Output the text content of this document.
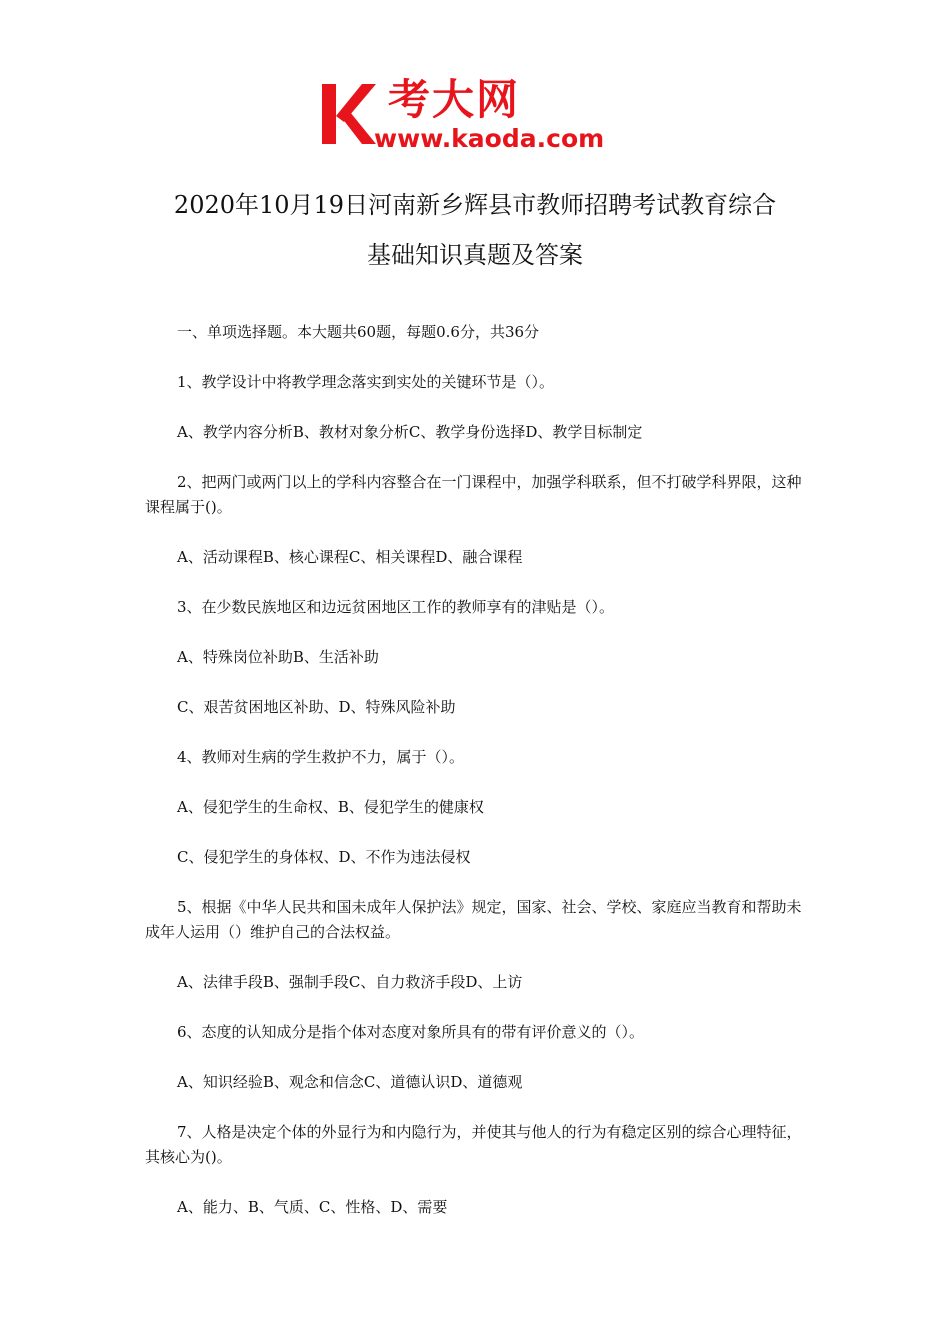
考大网
www.kaoda.com
2020年10月19日河南新乡辉县市教师招聘考试教育综合
基础知识真题及答案

一、单项选择题。本大题共60题，每题0.6分，共36分

1、教学设计中将教学理念落实到实处的关键环节是（）。

A、教学内容分析B、教材对象分析C、教学身份选择D、教学目标制定

2、把两门或两门以上的学科内容整合在一门课程中，加强学科联系，但不打破学科界限，这种课程属于()。

A、活动课程B、核心课程C、相关课程D、融合课程

3、在少数民族地区和边远贫困地区工作的教师享有的津贴是（）。

A、特殊岗位补助B、生活补助

C、艰苦贫困地区补助、D、特殊风险补助

4、教师对生病的学生救护不力，属于（）。

A、侵犯学生的生命权、B、侵犯学生的健康权

C、侵犯学生的身体权、D、不作为违法侵权

5、根据《中华人民共和国未成年人保护法》规定，国家、社会、学校、家庭应当教育和帮助未成年人运用（）维护自己的合法权益。

A、法律手段B、强制手段C、自力救济手段D、上访

6、态度的认知成分是指个体对态度对象所具有的带有评价意义的（）。

A、知识经验B、观念和信念C、道德认识D、道德观

7、人格是决定个体的外显行为和内隐行为，并使其与他人的行为有稳定区别的综合心理特征，其核心为()。

A、能力、B、气质、C、性格、D、需要
